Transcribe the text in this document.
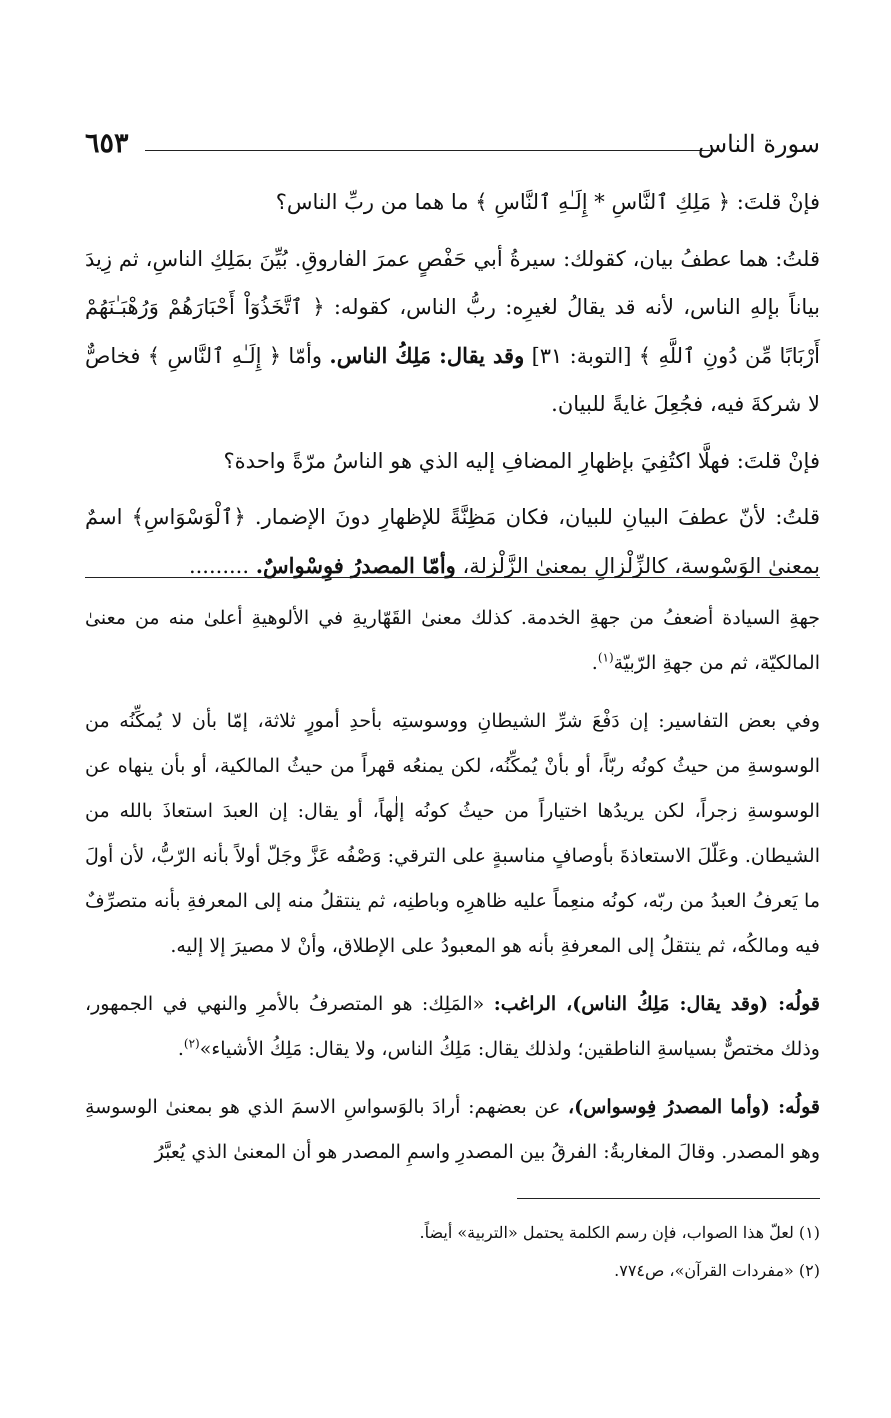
٦٥٣	سورة الناس

فإنْ قلتَ: ﴿ مَلِكِ ٱلنَّاسِ * إِلَـٰهِ ٱلنَّاسِ ﴾ ما هما من ربِّ الناس؟

قلتُ: هما عطفُ بيان، كقولك: سيرةُ أبي حَفْصٍ عمرَ الفاروقِ. بُيِّنَ بمَلِكِ الناسِ، ثم زِيدَ بياناً بإلهِ الناس، لأنه قد يقالُ لغيرِه: ربُّ الناس، كقوله: ﴿ ٱتَّخَذُوٓاْ أَحْبَارَهُمْ وَرُهْبَـٰنَهُمْ أَرْبَابًا مِّن دُونِ ٱللَّهِ ﴾ [التوبة: ٣١] وقد يقال: مَلِكُ الناس. وأمّا ﴿ إِلَـٰهِ ٱلنَّاسِ ﴾ فخاصٌّ لا شركةَ فيه، فجُعِلَ غايةً للبيان.

فإنْ قلتَ: فهلَّا اكتُفِيَ بإظهارِ المضافِ إليه الذي هو الناسُ مرّةً واحدة؟

قلتُ: لأنّ عطفَ البيانِ للبيان، فكان مَظِنَّةً للإظهارِ دونَ الإضمار. ﴿ٱلْوَسْوَاسِ﴾ اسمٌ بمعنىٰ الوَسْوسة، كالزِّلْزالِ بمعنىٰ الزَّلْزلة، وأمّا المصدرُ فوِسْواسٌ. .........

جهةِ السيادة أضعفُ من جهةِ الخدمة. كذلك معنىٰ القَهّاريةِ في الألوهيةِ أعلىٰ منه من معنىٰ المالكيّة، ثم من جهةِ الرّبيّة$^{(١)}$.

وفي بعض التفاسير: إن دَفْعَ شرِّ الشيطانِ ووسوستِه بأحدِ أمورٍ ثلاثة، إمّا بأن لا يُمكِّنُه من الوسوسةِ من حيثُ كونُه ربّاً، أو بأنْ يُمكِّنُه، لكن يمنعُه قهراً من حيثُ المالكية، أو بأن ينهاه عن الوسوسةِ زجراً، لكن يريدُها اختياراً من حيثُ كونُه إلٰهاً، أو يقال: إن العبدَ استعاذَ بالله من الشيطان. وعَلّلَ الاستعاذةَ بأوصافٍ مناسبةٍ على الترقي: وَصْفُه عَزَّ وجَلّ أولاً بأنه الرّبُّ، لأن أولَ ما يَعرفُ العبدُ من ربّه، كونُه منعِماً عليه ظاهرِه وباطنِه، ثم ينتقلُ منه إلى المعرفةِ بأنه متصرِّفٌ فيه ومالكُه، ثم ينتقلُ إلى المعرفةِ بأنه هو المعبودُ على الإطلاق، وأنْ لا مصيرَ إلا إليه.

قولُه: (وقد يقال: مَلِكُ الناس)، الراغب: «المَلِك: هو المتصرفُ بالأمرِ والنهي في الجمهور، وذلك مختصٌّ بسياسةِ الناطقين؛ ولذلك يقال: مَلِكُ الناس، ولا يقال: مَلِكُ الأشياء»$^{(٢)}$.

قولُه: (وأما المصدرُ فِوسواس)، عن بعضهم: أرادَ بالوَسواسِ الاسمَ الذي هو بمعنىٰ الوسوسةِ وهو المصدر. وقالَ المغاربةُ: الفرقُ بين المصدرِ واسمِ المصدر هو أن المعنىٰ الذي يُعبَّرُ

(١) لعلّ هذا الصواب، فإن رسم الكلمة يحتمل «التربية» أيضاً.

(٢) «مفردات القرآن»، ص٧٧٤.
